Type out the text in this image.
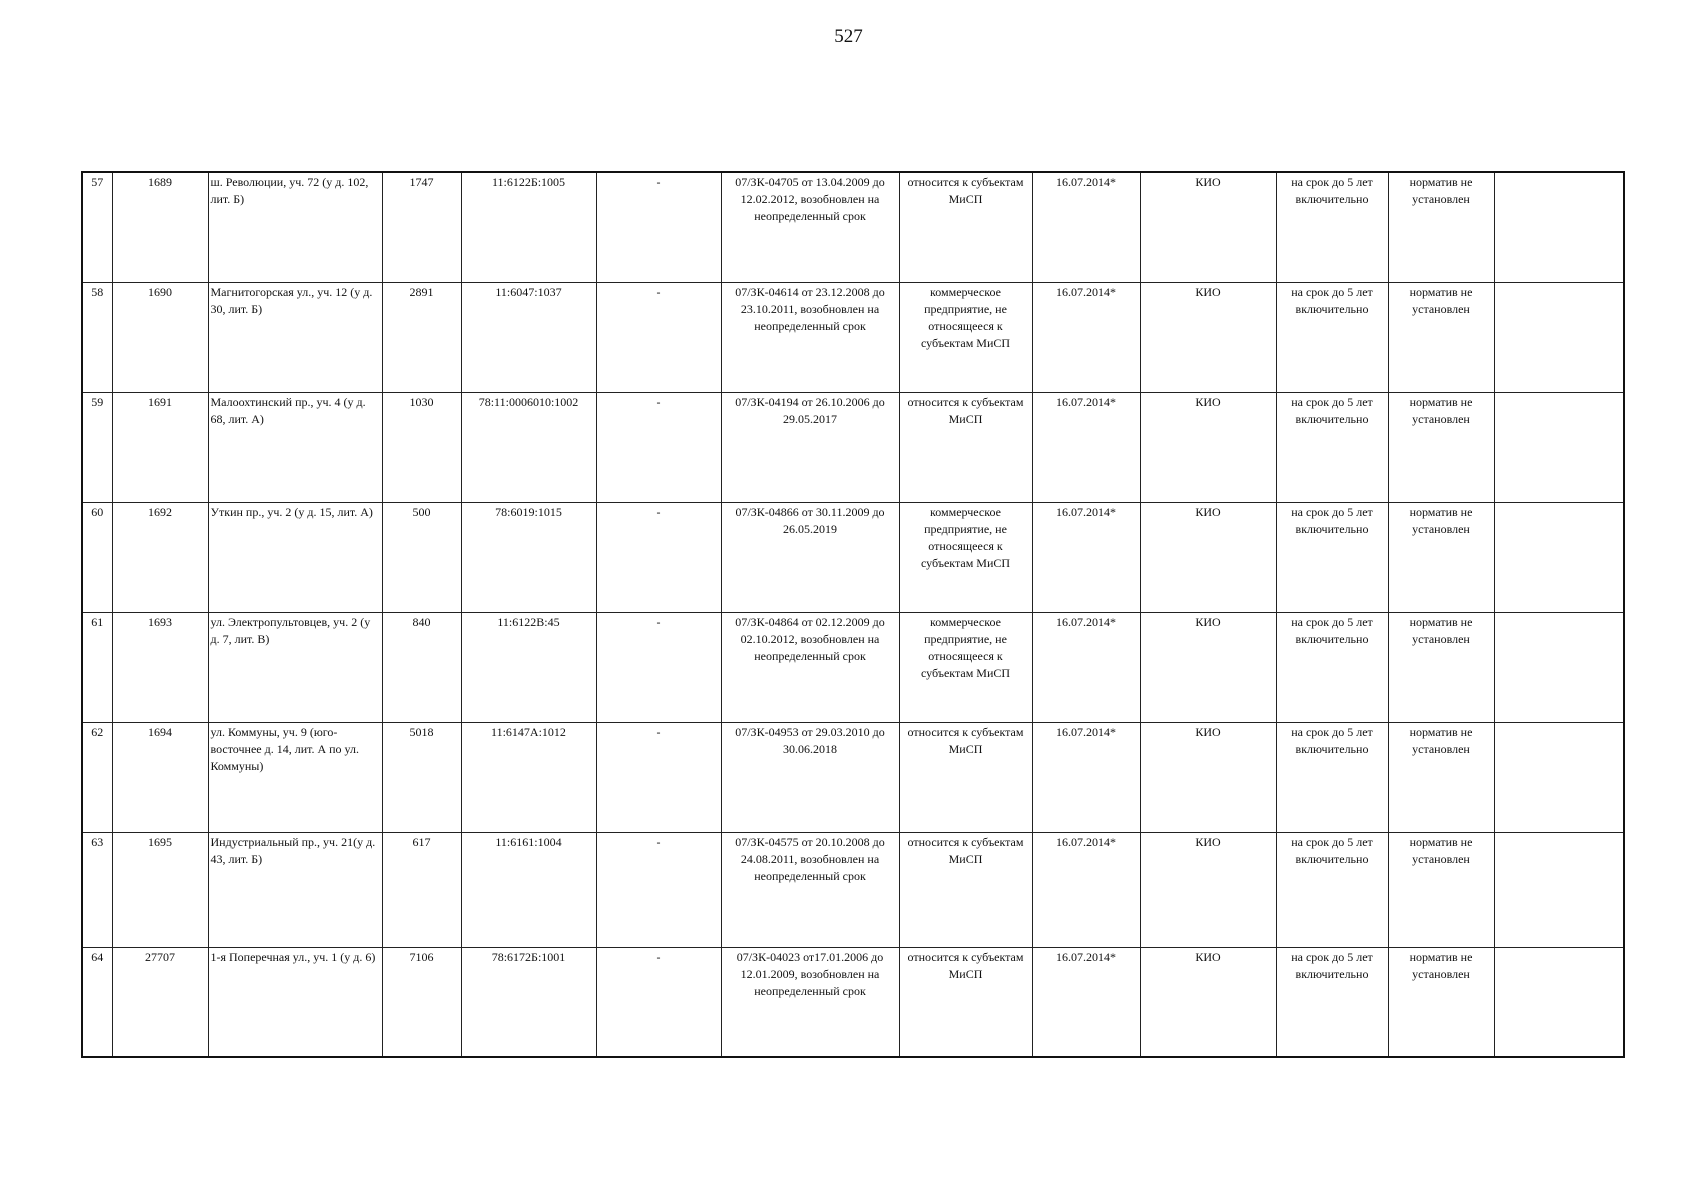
527
57	1689	ш. Революции, уч. 72 (у д. 102, лит. Б)	1747	11:6122Б:1005	-	07/ЗК-04705 от 13.04.2009 до 12.02.2012, возобновлен на неопределенный срок	относится к субъектам МиСП	16.07.2014*	КИО	на срок до 5 лет включительно	норматив не установлен	
58	1690	Магнитогорская ул., уч. 12 (у д. 30, лит. Б)	2891	11:6047:1037	-	07/ЗК-04614 от 23.12.2008 до 23.10.2011, возобновлен на неопределенный срок	коммерческое предприятие, не относящееся к субъектам МиСП	16.07.2014*	КИО	на срок до 5 лет включительно	норматив не установлен	
59	1691	Малоохтинский пр., уч. 4 (у д. 68, лит. А)	1030	78:11:0006010:1002	-	07/ЗК-04194 от 26.10.2006 до 29.05.2017	относится к субъектам МиСП	16.07.2014*	КИО	на срок до 5 лет включительно	норматив не установлен	
60	1692	Уткин пр., уч. 2 (у д. 15, лит. А)	500	78:6019:1015	-	07/ЗК-04866 от 30.11.2009 до 26.05.2019	коммерческое предприятие, не относящееся к субъектам МиСП	16.07.2014*	КИО	на срок до 5 лет включительно	норматив не установлен	
61	1693	ул. Электропультовцев, уч. 2 (у д. 7, лит. В)	840	11:6122В:45	-	07/ЗК-04864 от 02.12.2009 до 02.10.2012, возобновлен на неопределенный срок	коммерческое предприятие, не относящееся к субъектам МиСП	16.07.2014*	КИО	на срок до 5 лет включительно	норматив не установлен	
62	1694	ул. Коммуны, уч. 9 (юго-восточнее д. 14, лит. А по ул. Коммуны)	5018	11:6147А:1012	-	07/ЗК-04953 от 29.03.2010 до 30.06.2018	относится к субъектам МиСП	16.07.2014*	КИО	на срок до 5 лет включительно	норматив не установлен	
63	1695	Индустриальный пр., уч. 21(у д. 43, лит. Б)	617	11:6161:1004	-	07/ЗК-04575 от 20.10.2008 до 24.08.2011, возобновлен на неопределенный срок	относится к субъектам МиСП	16.07.2014*	КИО	на срок до 5 лет включительно	норматив не установлен	
64	27707	1-я Поперечная ул., уч. 1 (у д. 6)	7106	78:6172Б:1001	-	07/ЗК-04023 от17.01.2006 до 12.01.2009, возобновлен на неопределенный срок	относится к субъектам МиСП	16.07.2014*	КИО	на срок до 5 лет включительно	норматив не установлен	
